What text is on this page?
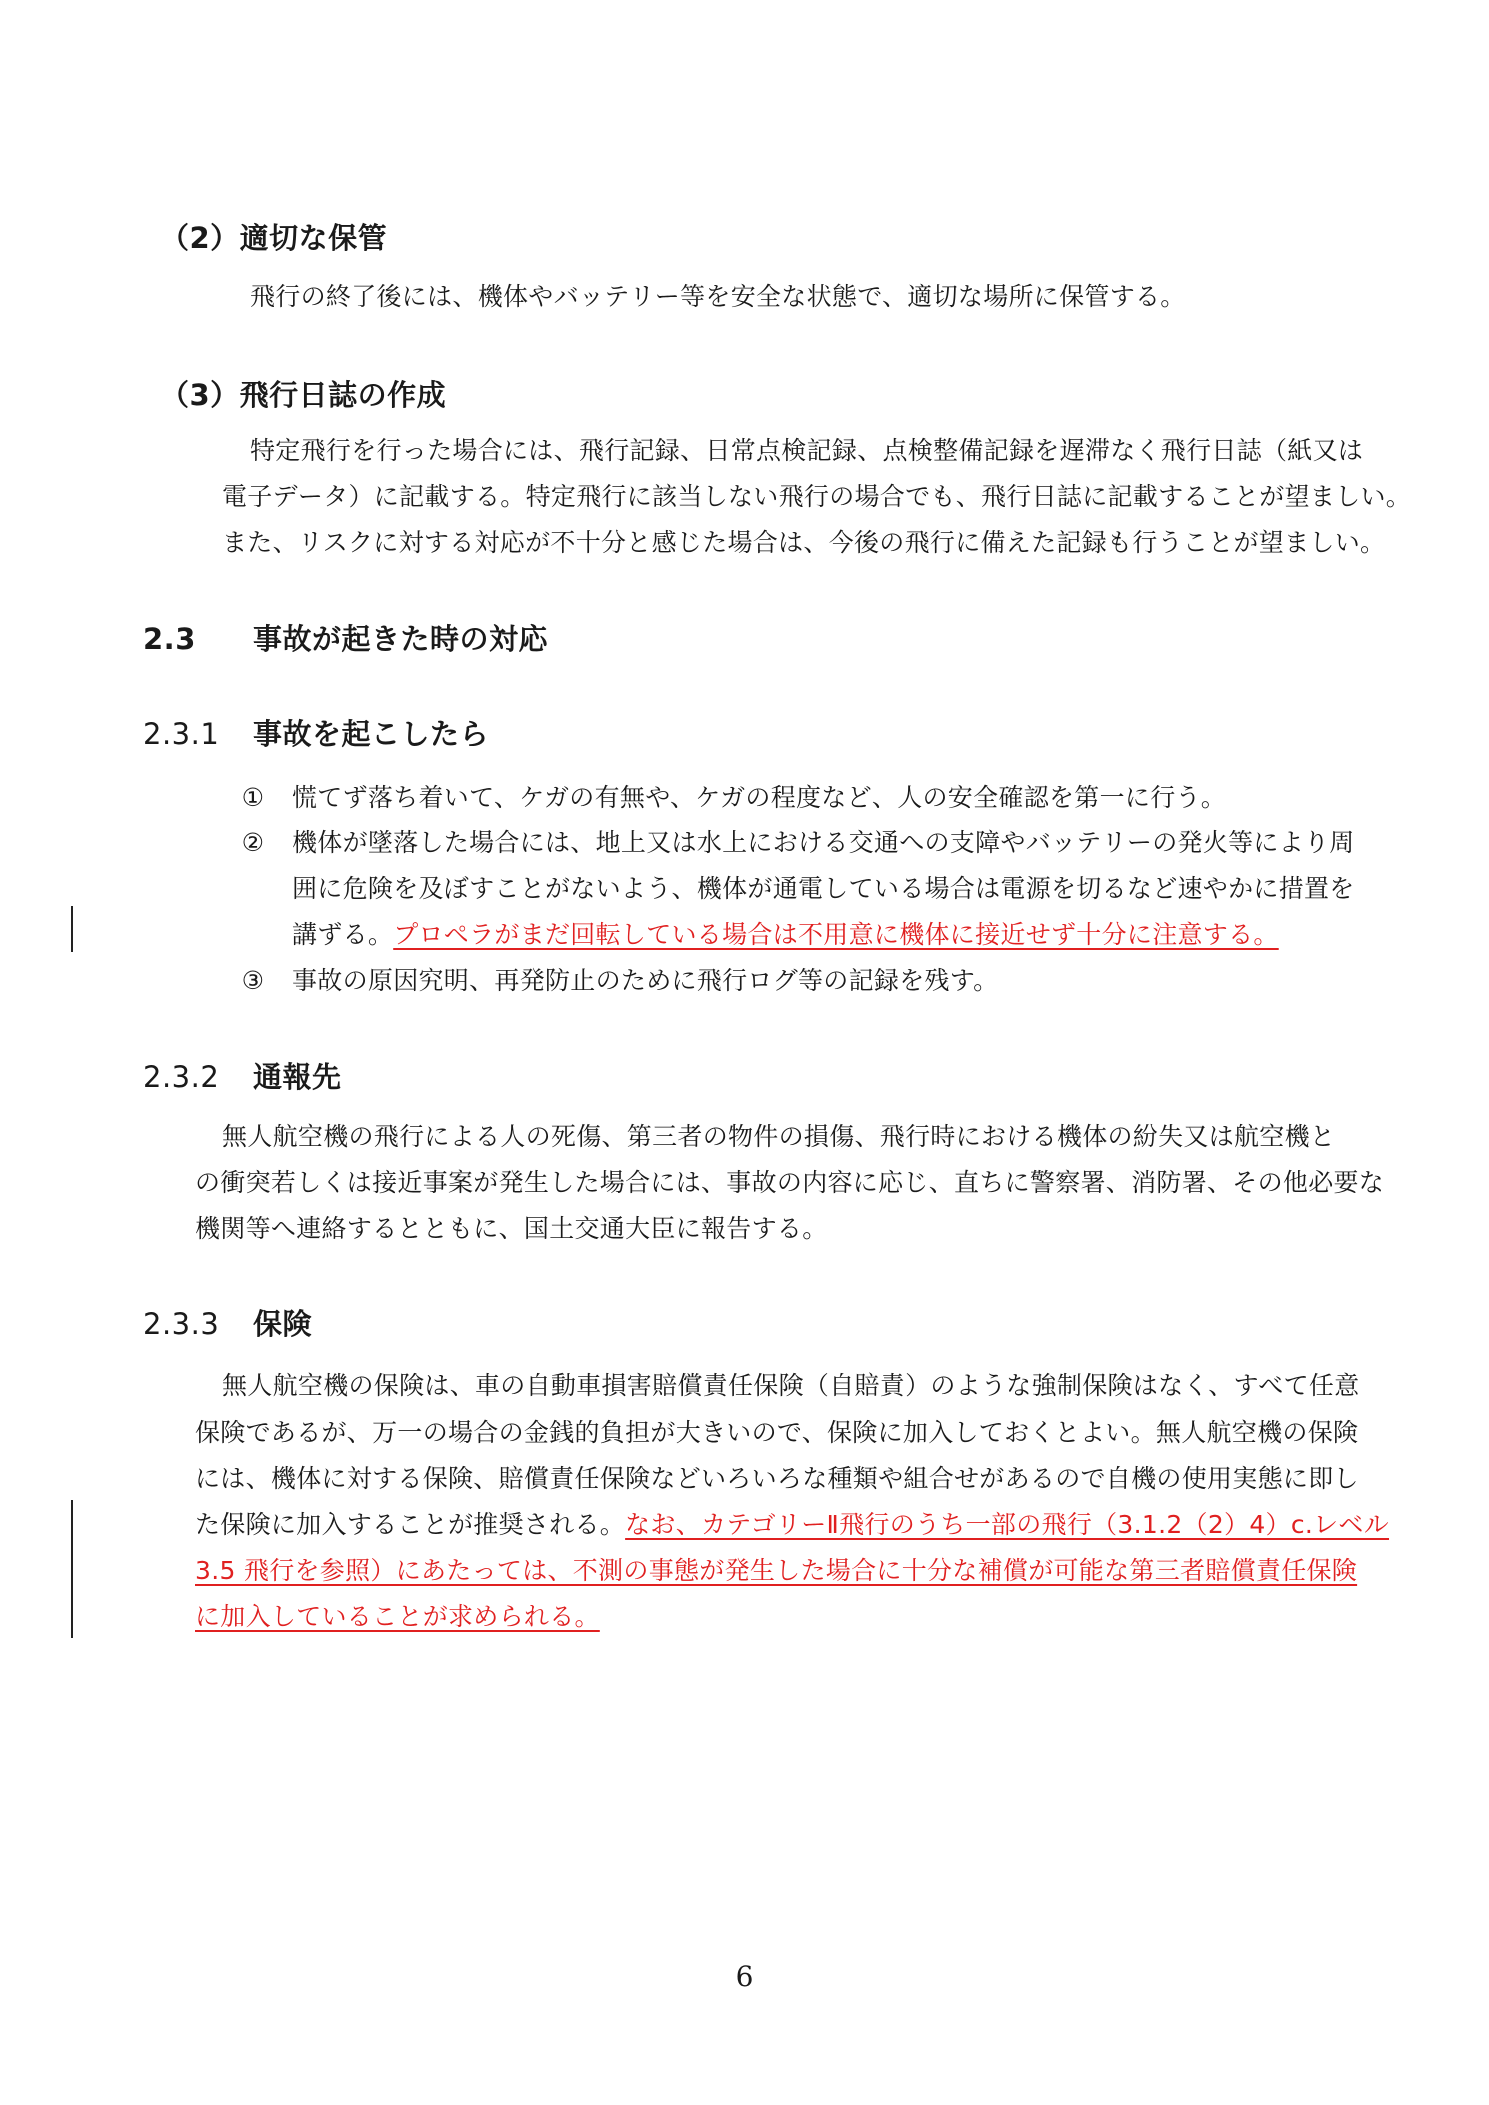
（2）適切な保管
飛行の終了後には、機体やバッテリー等を安全な状態で、適切な場所に保管する。
（3）飛行日誌の作成
特定飛行を行った場合には、飛行記録、日常点検記録、点検整備記録を遅滞なく飛行日誌（紙又は
電子データ）に記載する。特定飛行に該当しない飛行の場合でも、飛行日誌に記載することが望ましい。
また、リスクに対する対応が不十分と感じた場合は、今後の飛行に備えた記録も行うことが望ましい。
2.3 事故が起きた時の対応
2.3.1 事故を起こしたら
① 慌てず落ち着いて、ケガの有無や、ケガの程度など、人の安全確認を第一に行う。
② 機体が墜落した場合には、地上又は水上における交通への支障やバッテリーの発火等により周
囲に危険を及ぼすことがないよう、機体が通電している場合は電源を切るなど速やかに措置を
講ずる。プロペラがまだ回転している場合は不用意に機体に接近せず十分に注意する。
③ 事故の原因究明、再発防止のために飛行ログ等の記録を残す。
2.3.2 通報先
無人航空機の飛行による人の死傷、第三者の物件の損傷、飛行時における機体の紛失又は航空機と
の衝突若しくは接近事案が発生した場合には、事故の内容に応じ、直ちに警察署、消防署、その他必要な
機関等へ連絡するとともに、国土交通大臣に報告する。
2.3.3 保険
無人航空機の保険は、車の自動車損害賠償責任保険（自賠責）のような強制保険はなく、すべて任意
保険であるが、万一の場合の金銭的負担が大きいので、保険に加入しておくとよい。無人航空機の保険
には、機体に対する保険、賠償責任保険などいろいろな種類や組合せがあるので自機の使用実態に即し
た保険に加入することが推奨される。なお、カテゴリーⅡ飛行のうち一部の飛行（3.1.2（2）4）c.レベル
3.5 飛行を参照）にあたっては、不測の事態が発生した場合に十分な補償が可能な第三者賠償責任保険
に加入していることが求められる。
6
